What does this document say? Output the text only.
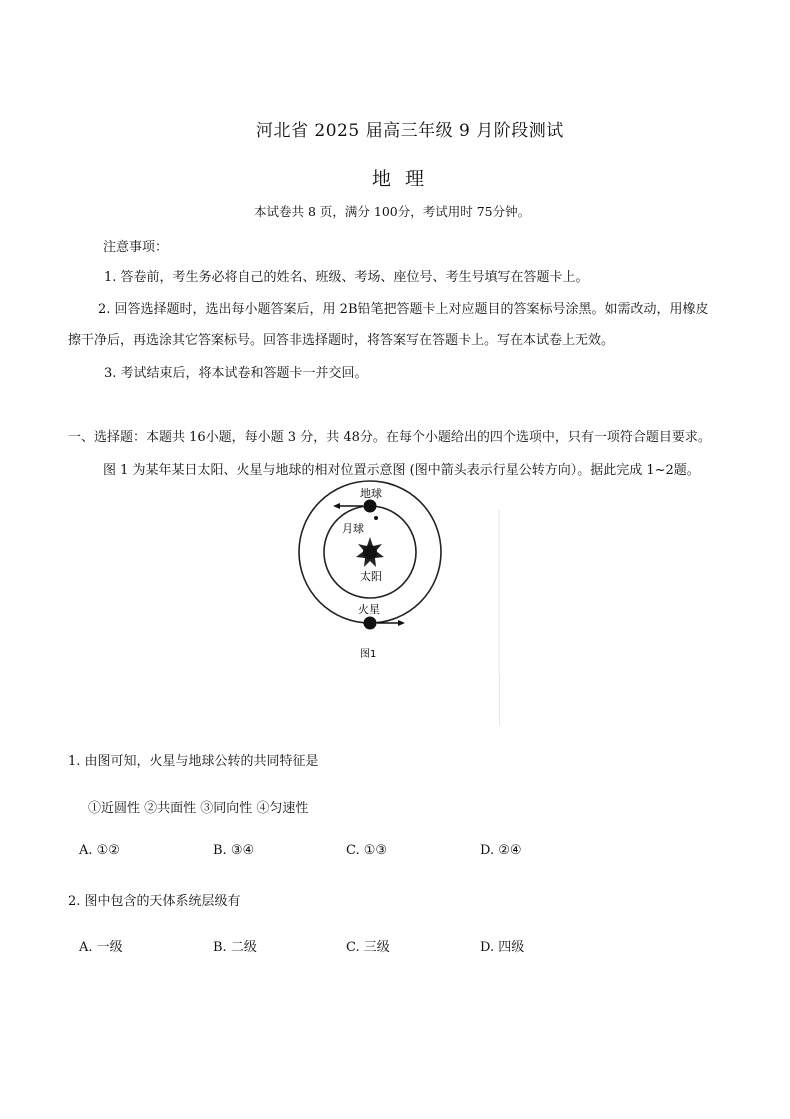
河北省 2025 届高三年级 9 月阶段测试
地理
本试卷共 8 页，满分 100分，考试用时 75分钟。
注意事项：
1. 答卷前，考生务必将自己的姓名、班级、考场、座位号、考生号填写在答题卡上。
2. 回答选择题时，选出每小题答案后，用 2B铅笔把答题卡上对应题目的答案标号涂黑。如需改动，用橡皮
擦干净后，再选涂其它答案标号。回答非选择题时，将答案写在答题卡上。写在本试卷上无效。
3. 考试结束后，将本试卷和答题卡一并交回。
一、选择题：本题共 16小题，每小题 3 分，共 48分。在每个小题给出的四个选项中，只有一项符合题目要求。
图 1 为某年某日太阳、火星与地球的相对位置示意图 (图中箭头表示行星公转方向）。据此完成 1~2题。
地球
月球
太阳
火星
图1
1. 由图可知，火星与地球公转的共同特征是
①近圆性 ②共面性 ③同向性 ④匀速性
A. ①②	B. ③④	C. ①③	D. ②④
2. 图中包含的天体系统层级有
A. 一级	B. 二级	C. 三级	D. 四级
